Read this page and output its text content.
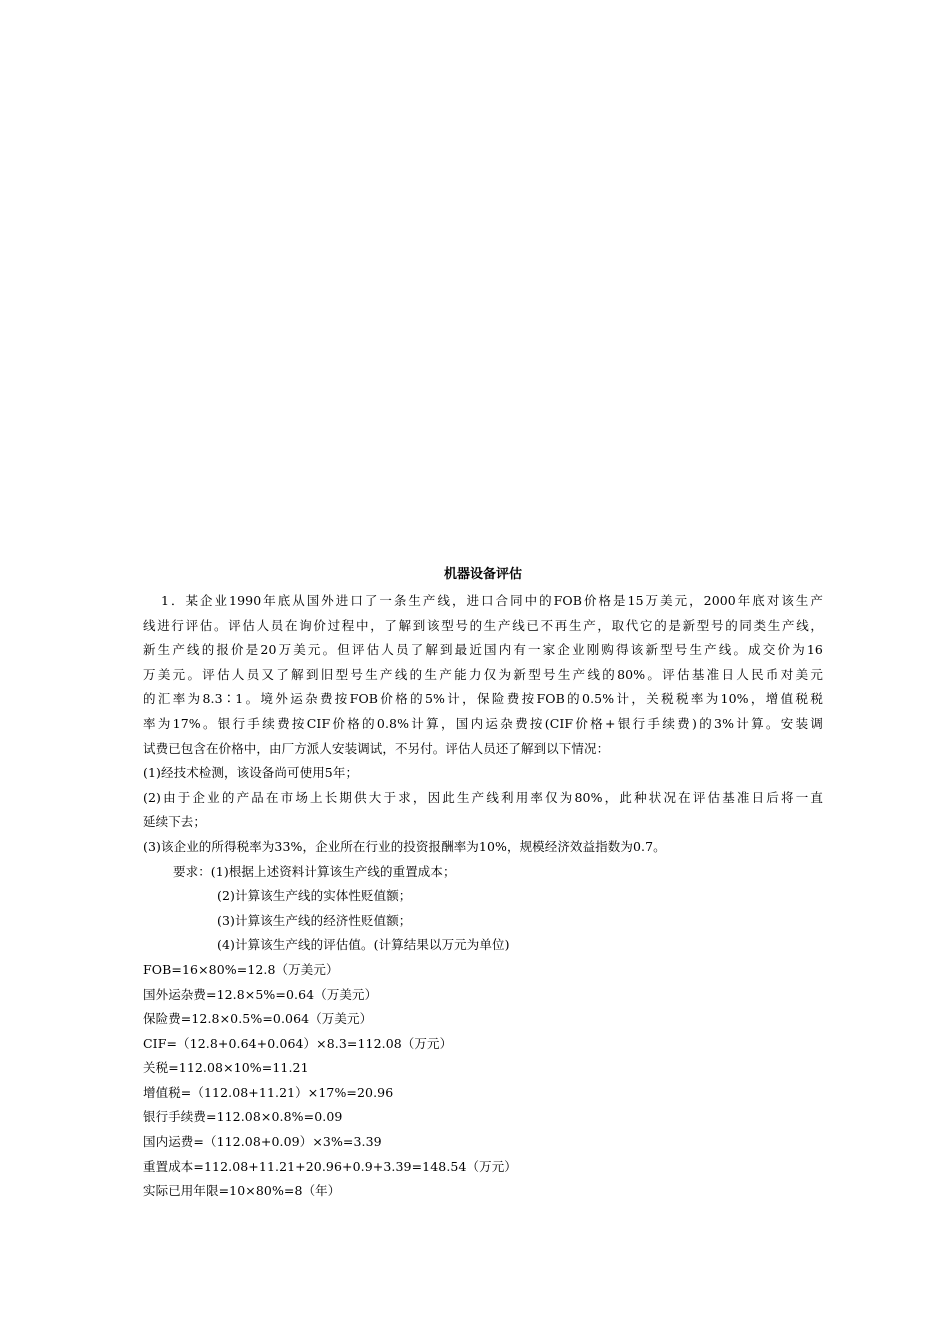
机器设备评估
1．某企业1990年底从国外进口了一条生产线，进口合同中的FOB价格是15万美元，2000年底对该生产
线进行评估。评估人员在询价过程中，了解到该型号的生产线已不再生产，取代它的是新型号的同类生产线，
新生产线的报价是20万美元。但评估人员了解到最近国内有一家企业刚购得该新型号生产线。成交价为16
万美元。评估人员又了解到旧型号生产线的生产能力仅为新型号生产线的80%。评估基准日人民币对美元
的汇率为8.3∶1。境外运杂费按FOB价格的5%计，保险费按FOB的0.5%计，关税税率为10%，增值税税
率为17%。银行手续费按CIF价格的0.8%计算，国内运杂费按(CIF价格+银行手续费)的3%计算。安装调
试费已包含在价格中，由厂方派人安装调试，不另付。评估人员还了解到以下情况：
(1)经技术检测，该设备尚可使用5年；
(2)由于企业的产品在市场上长期供大于求，因此生产线利用率仅为80%，此种状况在评估基准日后将一直
延续下去；
(3)该企业的所得税率为33%，企业所在行业的投资报酬率为10%，规模经济效益指数为0.7。
要求：(1)根据上述资料计算该生产线的重置成本；
(2)计算该生产线的实体性贬值额；
(3)计算该生产线的经济性贬值额；
(4)计算该生产线的评估值。(计算结果以万元为单位)
FOB=16×80%=12.8（万美元）
国外运杂费=12.8×5%=0.64（万美元）
保险费=12.8×0.5%=0.064（万美元）
CIF=（12.8+0.64+0.064）×8.3=112.08（万元）
关税=112.08×10%=11.21
增值税=（112.08+11.21）×17%=20.96
银行手续费=112.08×0.8%=0.09
国内运费=（112.08+0.09）×3%=3.39
重置成本=112.08+11.21+20.96+0.9+3.39=148.54（万元）
实际已用年限=10×80%=8（年）
